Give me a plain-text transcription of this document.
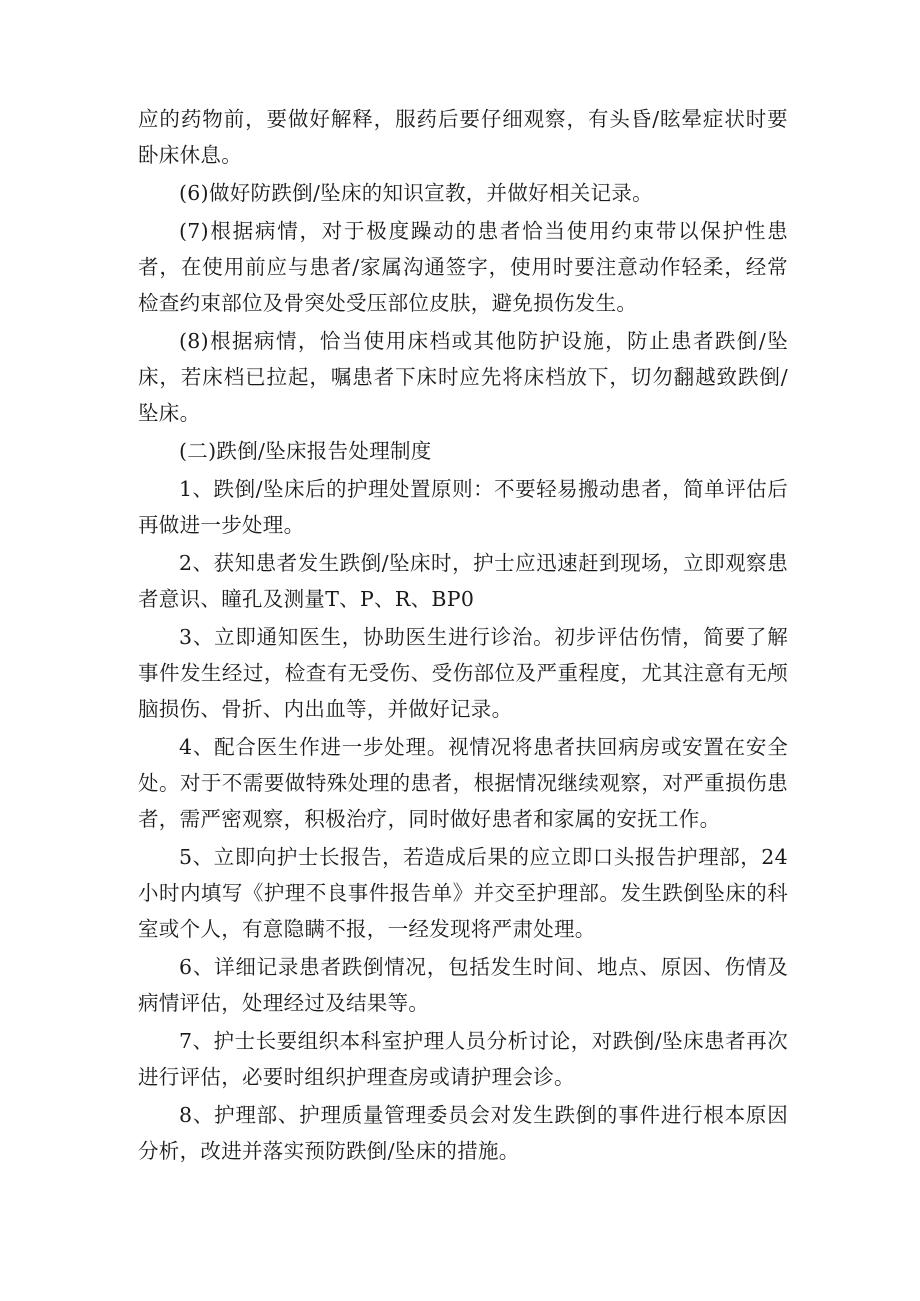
应的药物前，要做好解释，服药后要仔细观察，有头昏/眩晕症状时要卧床休息。

(6)做好防跌倒/坠床的知识宣教，并做好相关记录。

(7)根据病情，对于极度躁动的患者恰当使用约束带以保护性患者，在使用前应与患者/家属沟通签字，使用时要注意动作轻柔，经常检查约束部位及骨突处受压部位皮肤，避免损伤发生。

(8)根据病情，恰当使用床档或其他防护设施，防止患者跌倒/坠床，若床档已拉起，嘱患者下床时应先将床档放下，切勿翻越致跌倒/坠床。

(二)跌倒/坠床报告处理制度

1、跌倒/坠床后的护理处置原则：不要轻易搬动患者，简单评估后再做进一步处理。

2、获知患者发生跌倒/坠床时，护士应迅速赶到现场，立即观察患者意识、瞳孔及测量T、P、R、BP0

3、立即通知医生，协助医生进行诊治。初步评估伤情，简要了解事件发生经过，检查有无受伤、受伤部位及严重程度，尤其注意有无颅脑损伤、骨折、内出血等，并做好记录。

4、配合医生作进一步处理。视情况将患者扶回病房或安置在安全处。对于不需要做特殊处理的患者，根据情况继续观察，对严重损伤患者，需严密观察，积极治疗，同时做好患者和家属的安抚工作。

5、立即向护士长报告，若造成后果的应立即口头报告护理部，24小时内填写《护理不良事件报告单》并交至护理部。发生跌倒坠床的科室或个人，有意隐瞒不报，一经发现将严肃处理。

6、详细记录患者跌倒情况，包括发生时间、地点、原因、伤情及病情评估，处理经过及结果等。

7、护士长要组织本科室护理人员分析讨论，对跌倒/坠床患者再次进行评估，必要时组织护理查房或请护理会诊。

8、护理部、护理质量管理委员会对发生跌倒的事件进行根本原因分析，改进并落实预防跌倒/坠床的措施。
